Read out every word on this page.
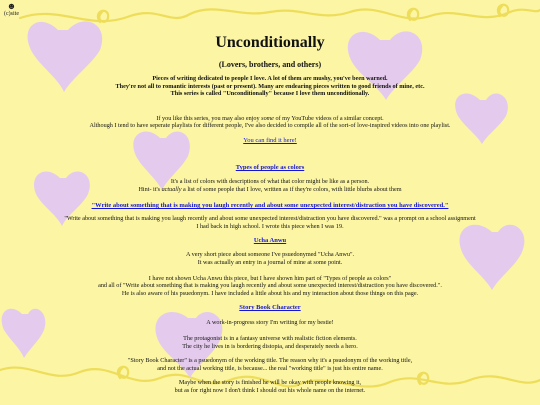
☻
(c)site
Unconditionally

(Lovers, brothers, and others)

Pieces of writing dedicated to people I love. A lot of them are mushy, you've been warned.
They're not all to romantic interests (past or present). Many are endearing pieces written to good friends of mine, etc.
This series is called "Unconditionally" because I love them unconditionally.
If you like this series, you may also enjoy some of my YouTube videos of a similar concept.
Although I tend to have seperate playlists for different people, I've also decided to compile all of the sort-of love-inspired videos into one playlist.
You can find it here!
Types of people as colors
It's a list of colors with descriptions of what that color might be like as a person.
Hint- it's actually a list of some people that I love, written as if they're colors, with little blurbs about them
"Write about something that is making you laugh recently and about some unexpected interest/distraction you have discovered."
"Write about something that is making you laugh recently and about some unexpected interest/distraction you have discovered." was a prompt on a school assignment
I had back in high school. I wrote this piece when I was 19.
Ucha Anwu
A very short piece about someone I've psuedonymed "Ucha Anwu".
It was actually an entry in a journal of mine at some point.
I have not shown Ucha Anwu this piece, but I have shown him part of "Types of people as colors"
and all of "Write about something that is making you laugh recently and about some unexpected interest/distraction you have discovered.".
He is also aware of his psuedonym. I have included a little about his and my interaction about those things on this page.
Story Book Character
A work-in-progress story I'm writing for my bestie!
The protagonist is in a fantasy universe with realistic fiction elements.
The city he lives in is bordering distopia, and desperately needs a hero.
"Story Book Character" is a psuedonym of the working title. The reason why it's a psuedonym of the working title,
and not the actual working title, is because... the real "working title" is just his entire name.
Maybe when the story is finished he will be okay with people knowing it,
but as for right now I don't think I should out his whole name on the internet.
